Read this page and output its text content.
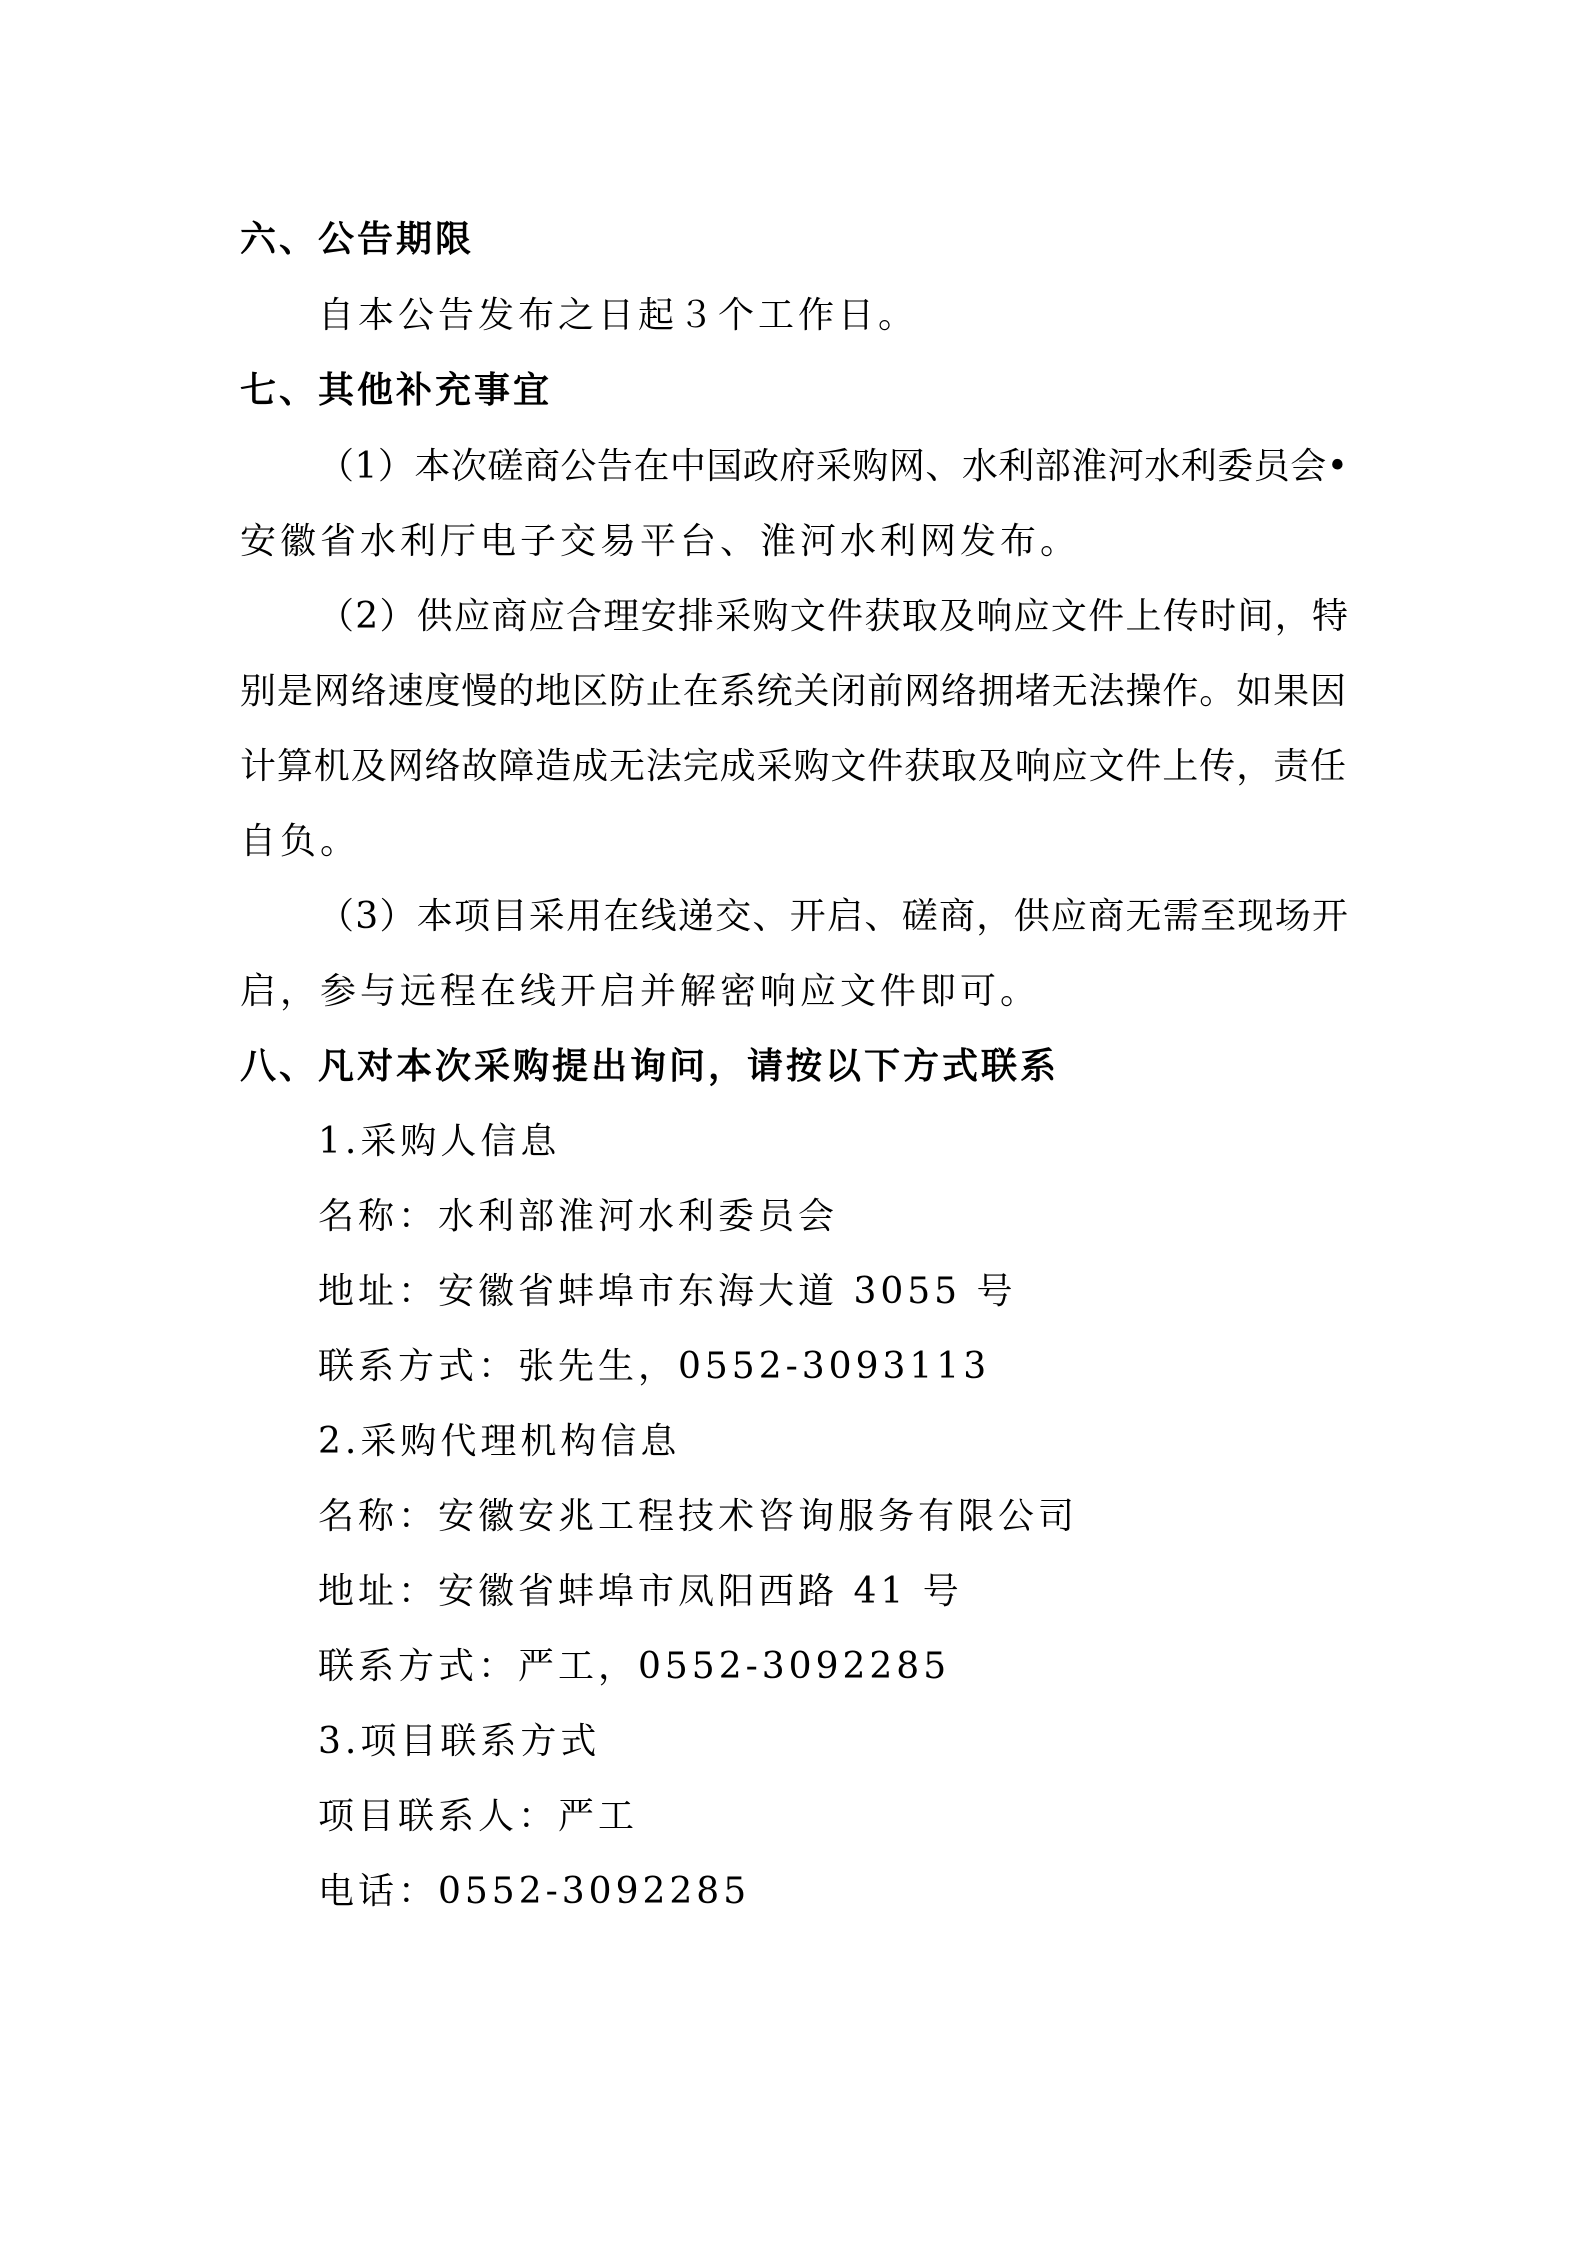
六、公告期限
自本公告发布之日起３个工作日。
七、其他补充事宜
（1）本次磋商公告在中国政府采购网、水利部淮河水利委员会•
安徽省水利厅电子交易平台、淮河水利网发布。
（2）供应商应合理安排采购文件获取及响应文件上传时间，特
别是网络速度慢的地区防止在系统关闭前网络拥堵无法操作。如果因
计算机及网络故障造成无法完成采购文件获取及响应文件上传，责任
自负。
（3）本项目采用在线递交、开启、磋商，供应商无需至现场开
启，参与远程在线开启并解密响应文件即可。
八、凡对本次采购提出询问，请按以下方式联系
1.采购人信息
名称：水利部淮河水利委员会
地址：安徽省蚌埠市东海大道 3055 号
联系方式：张先生，0552-3093113
2.采购代理机构信息
名称：安徽安兆工程技术咨询服务有限公司
地址：安徽省蚌埠市凤阳西路 41 号
联系方式：严工，0552-3092285
3.项目联系方式
项目联系人：严工
电话：0552-3092285
